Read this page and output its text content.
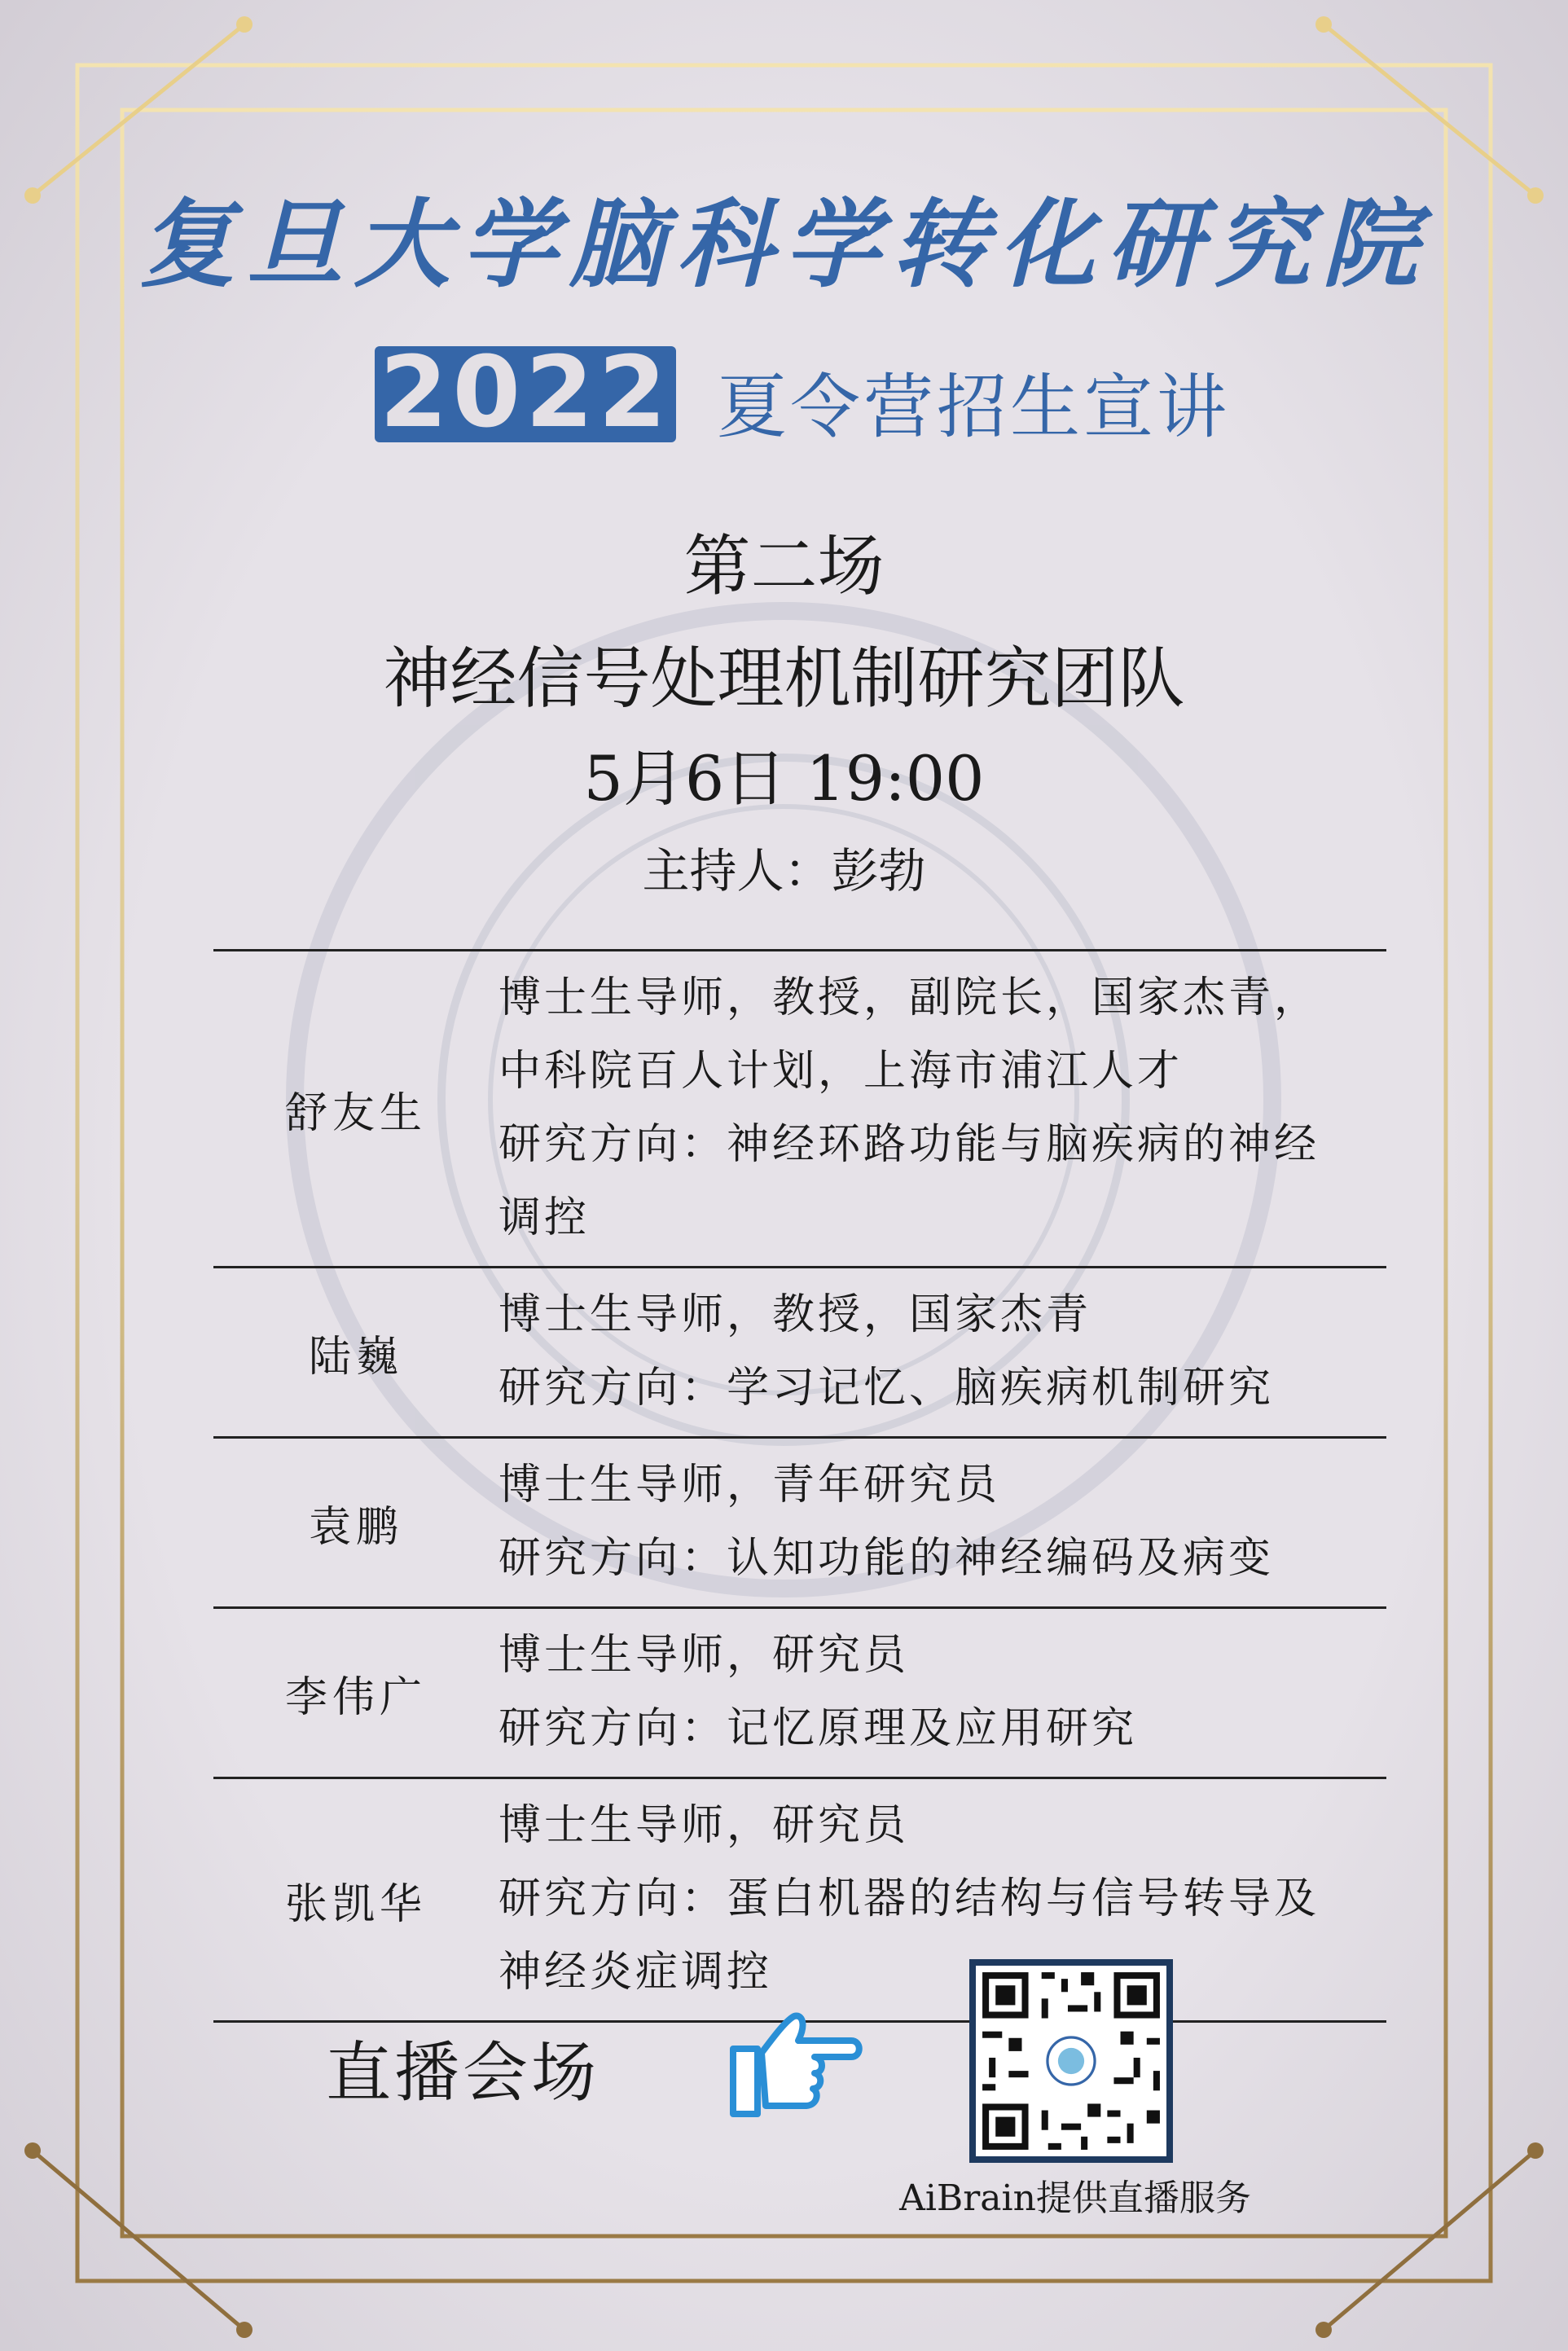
复旦大学脑科学转化研究院
2022 夏令营招生宣讲
第二场
神经信号处理机制研究团队
5月6日 19:00
主持人：彭勃
舒友生	博士生导师，教授，副院长，国家杰青，
中科院百人计划，上海市浦江人才
研究方向：神经环路功能与脑疾病的神经
调控

陆巍	博士生导师，教授，国家杰青
研究方向：学习记忆、脑疾病机制研究

袁鹏	博士生导师，青年研究员
研究方向：认知功能的神经编码及病变

李伟广	博士生导师，研究员
研究方向：记忆原理及应用研究

张凯华	博士生导师，研究员
研究方向：蛋白机器的结构与信号转导及
神经炎症调控
直播会场
AiBrain提供直播服务
